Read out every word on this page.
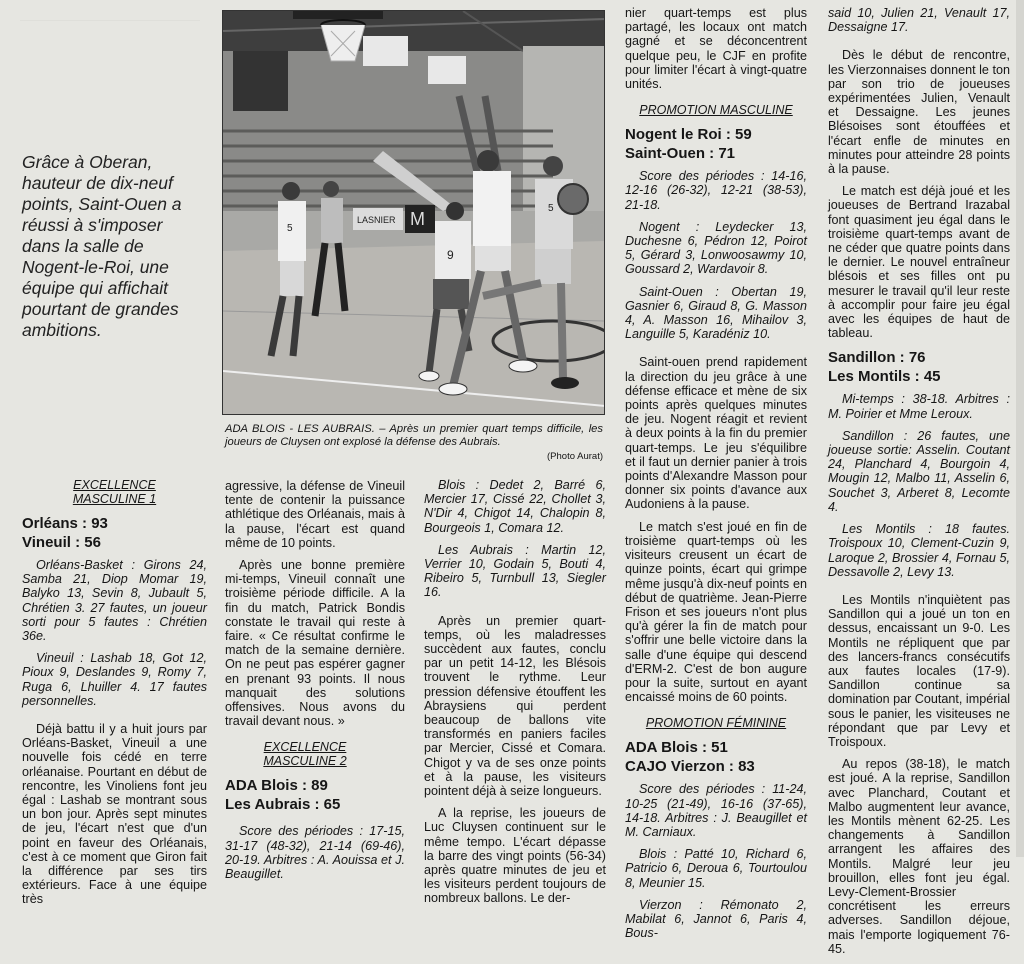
Grâce à Oberan, hauteur de dix-neuf points, Saint-Ouen a réussi à s'imposer dans la salle de Nogent-le-Roi, une équipe qui affichait pourtant de grandes ambitions.
LASNIER M
5
9
5
ADA BLOIS - LES AUBRAIS. – Après un premier quart temps difficile, les joueurs de Cluysen ont explosé la défense des Aubrais.
(Photo Aurat)
EXCELLENCE MASCULINE 1
Orléans : 93
Vineuil : 56

Orléans-Basket : Girons 24, Samba 21, Diop Momar 19, Balyko 13, Sevin 8, Jubault 5, Chrétien 3. 27 fautes, un joueur sorti pour 5 fautes : Chrétien 36e.

Vineuil : Lashab 18, Got 12, Pioux 9, Deslandes 9, Romy 7, Ruga 6, Lhuiller 4. 17 fautes personnelles.

Déjà battu il y a huit jours par Orléans-Basket, Vineuil a une nouvelle fois cédé en terre orléanaise. Pourtant en début de rencontre, les Vinoliens font jeu égal : Lashab se montrant sous un bon jour. Après sept minutes de jeu, l'écart n'est que d'un point en faveur des Orléanais, c'est à ce moment que Giron fait la différence par ses tirs extérieurs. Face à une équipe très

agressive, la défense de Vineuil tente de contenir la puissance athlétique des Orléanais, mais à la pause, l'écart est quand même de 10 points.

Après une bonne première mi-temps, Vineuil connaît une troisième période difficile. A la fin du match, Patrick Bondis constate le travail qui reste à faire. « Ce résultat confirme le match de la semaine dernière. On ne peut pas espérer gagner en prenant 93 points. Il nous manquait des solutions offensives. Nous avons du travail devant nous. »

EXCELLENCE MASCULINE 2
ADA Blois : 89
Les Aubrais : 65

Score des périodes : 17-15, 31-17 (48-32), 21-14 (69-46), 20-19. Arbitres : A. Aouissa et J. Beaugillet.

Blois : Dedet 2, Barré 6, Mercier 17, Cissé 22, Chollet 3, N'Dir 4, Chigot 14, Chalopin 8, Bourgeois 1, Comara 12.

Les Aubrais : Martin 12, Verrier 10, Godain 5, Bouti 4, Ribeiro 5, Turnbull 13, Siegler 16.

Après un premier quart-temps, où les maladresses succèdent aux fautes, conclu par un petit 14-12, les Blésois trouvent le rythme. Leur pression défensive étouffent les Abraysiens qui perdent beaucoup de ballons vite transformés en paniers faciles par Mercier, Cissé et Comara. Chigot y va de ses onze points et à la pause, les visiteurs pointent déjà à seize longueurs.

A la reprise, les joueurs de Luc Cluysen continuent sur le même tempo. L'écart dépasse la barre des vingt points (56-34) après quatre minutes de jeu et les visiteurs perdent toujours de nombreux ballons. Le der-

nier quart-temps est plus partagé, les locaux ont match gagné et se déconcentrent quelque peu, le CJF en profite pour limiter l'écart à vingt-quatre unités.

PROMOTION MASCULINE
Nogent le Roi : 59
Saint-Ouen : 71

Score des périodes : 14-16, 12-16 (26-32), 12-21 (38-53), 21-18.

Nogent : Leydecker 13, Duchesne 6, Pédron 12, Poirot 5, Gérard 3, Lonwoosawmy 10, Goussard 2, Wardavoir 8.

Saint-Ouen : Obertan 19, Gasnier 6, Giraud 8, G. Masson 4, A. Masson 16, Mihailov 3, Languille 5, Karadéniz 10.

Saint-ouen prend rapidement la direction du jeu grâce à une défense efficace et mène de six points après quelques minutes de jeu. Nogent réagit et revient à deux points à la fin du premier quart-temps. Le jeu s'équilibre et il faut un dernier panier à trois points d'Alexandre Masson pour donner six points d'avance aux Audoniens à la pause.

Le match s'est joué en fin de troisième quart-temps où les visiteurs creusent un écart de quinze points, écart qui grimpe même jusqu'à dix-neuf points en début de quatrième. Jean-Pierre Frison et ses joueurs n'ont plus qu'à gérer la fin de match pour s'offrir une belle victoire dans la salle d'une équipe qui descend d'ERM-2. C'est de bon augure pour la suite, surtout en ayant encaissé moins de 60 points.

PROMOTION FÉMININE
ADA Blois : 51
CAJO Vierzon : 83

Score des périodes : 11-24, 10-25 (21-49), 16-16 (37-65), 14-18. Arbitres : J. Beaugillet et M. Carniaux.

Blois : Patté 10, Richard 6, Patricio 6, Deroua 6, Tourtoulou 8, Meunier 15.

Vierzon : Rémonato 2, Mabilat 6, Jannot 6, Paris 4, Bous-

said 10, Julien 21, Venault 17, Dessaigne 17.

Dès le début de rencontre, les Vierzonnaises donnent le ton par son trio de joueuses expérimentées Julien, Venault et Dessaigne. Les jeunes Blésoises sont étouffées et l'écart enfle de minutes en minutes pour atteindre 28 points à la pause.

Le match est déjà joué et les joueuses de Bertrand Irazabal font quasiment jeu égal dans le troisième quart-temps avant de ne céder que quatre points dans le dernier. Le nouvel entraîneur blésois et ses filles ont pu mesurer le travail qu'il leur reste à accomplir pour faire jeu égal avec les équipes de haut de tableau.

Sandillon : 76
Les Montils : 45

Mi-temps : 38-18. Arbitres : M. Poirier et Mme Leroux.

Sandillon : 26 fautes, une joueuse sortie: Asselin. Coutant 24, Planchard 4, Bourgoin 4, Mougin 12, Malbo 11, Asselin 6, Souchet 3, Arberet 8, Lecomte 4.

Les Montils : 18 fautes. Troispoux 10, Clement-Cuzin 9, Laroque 2, Brossier 4, Fornau 5, Dessavolle 2, Levy 13.

Les Montils n'inquiètent pas Sandillon qui a joué un ton en dessus, encaissant un 9-0. Les Montils ne répliquent que par des lancers-francs consécutifs aux fautes locales (17-9). Sandillon continue sa domination par Coutant, impérial sous le panier, les visiteuses ne répondant que par Levy et Troispoux.

Au repos (38-18), le match est joué. A la reprise, Sandillon avec Planchard, Coutant et Malbo augmentent leur avance, les Montils mènent 62-25. Les changements à Sandillon arrangent les affaires des Montils. Malgré leur jeu brouillon, elles font jeu égal. Levy-Clement-Brossier concrétisent les erreurs adverses. Sandillon déjoue, mais l'emporte logiquement 76-45.
